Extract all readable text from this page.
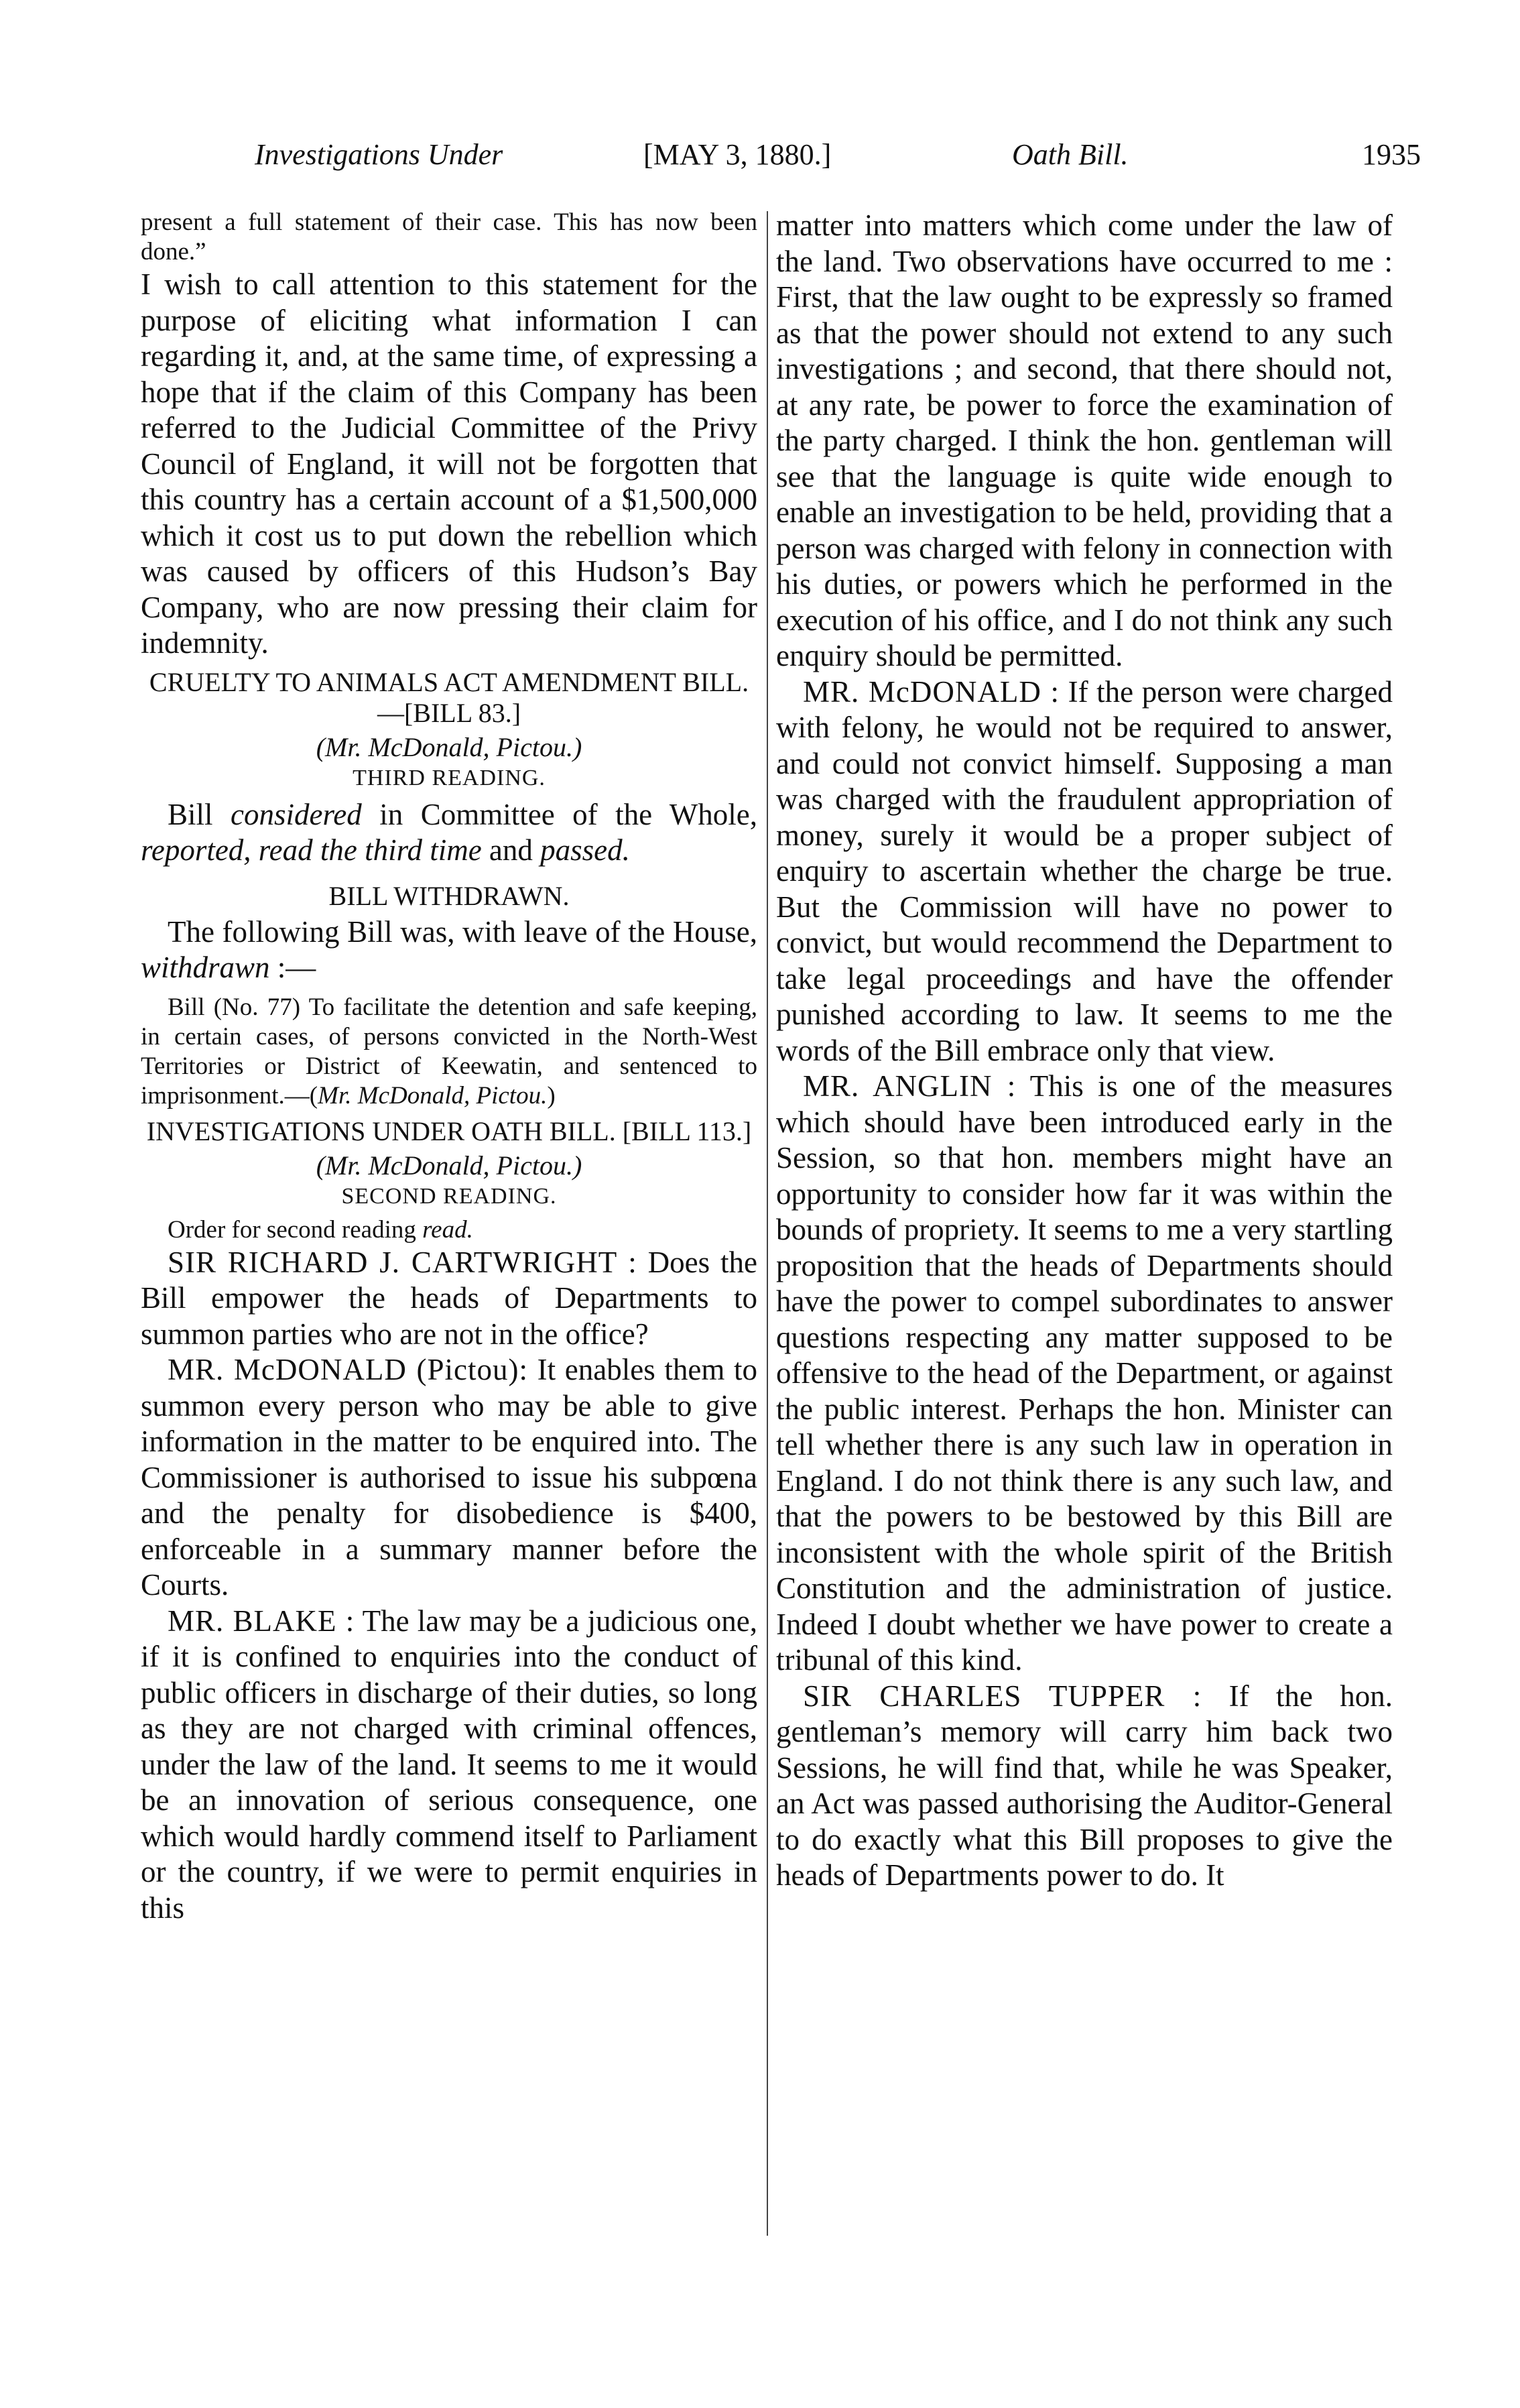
Investigations Under	[MAY 3, 1880.]	Oath Bill.	1935

present a full statement of their case. This has now been done.”

I wish to call attention to this statement for the purpose of eliciting what information I can regarding it, and, at the same time, of expressing a hope that if the claim of this Company has been referred to the Judicial Committee of the Privy Council of England, it will not be forgotten that this country has a certain account of a $1,500,000 which it cost us to put down the rebellion which was caused by officers of this Hudson’s Bay Company, who are now pressing their claim for indemnity.

CRUELTY TO ANIMALS ACT AMENDMENT BILL.—[BILL 83.]
(Mr. McDonald, Pictou.)
THIRD READING.

Bill considered in Committee of the Whole, reported, read the third time and passed.

BILL WITHDRAWN.

The following Bill was, with leave of the House, withdrawn :—

Bill (No. 77) To facilitate the detention and safe keeping, in certain cases, of persons convicted in the North-West Territories or District of Keewatin, and sentenced to imprisonment.—(Mr. McDonald, Pictou.)

INVESTIGATIONS UNDER OATH BILL. [BILL 113.]
(Mr. McDonald, Pictou.)
SECOND READING.

Order for second reading read.

SIR RICHARD J. CARTWRIGHT : Does the Bill empower the heads of Departments to summon parties who are not in the office?

MR. McDONALD (Pictou): It enables them to summon every person who may be able to give information in the matter to be enquired into. The Commissioner is authorised to issue his subpœna and the penalty for disobedience is $400, enforceable in a summary manner before the Courts.

MR. BLAKE : The law may be a judicious one, if it is confined to enquiries into the conduct of public officers in discharge of their duties, so long as they are not charged with criminal offences, under the law of the land. It seems to me it would be an innovation of serious consequence, one which would hardly commend itself to Parliament or the country, if we were to permit enquiries in this

matter into matters which come under the law of the land. Two observations have occurred to me : First, that the law ought to be expressly so framed as that the power should not extend to any such investigations ; and second, that there should not, at any rate, be power to force the examination of the party charged. I think the hon. gentleman will see that the language is quite wide enough to enable an investigation to be held, providing that a person was charged with felony in connection with his duties, or powers which he performed in the execution of his office, and I do not think any such enquiry should be permitted.

MR. McDONALD : If the person were charged with felony, he would not be required to answer, and could not convict himself. Supposing a man was charged with the fraudulent appropriation of money, surely it would be a proper subject of enquiry to ascertain whether the charge be true. But the Commission will have no power to convict, but would recommend the Department to take legal proceedings and have the offender punished according to law. It seems to me the words of the Bill embrace only that view.

MR. ANGLIN : This is one of the measures which should have been introduced early in the Session, so that hon. members might have an opportunity to consider how far it was within the bounds of propriety. It seems to me a very startling proposition that the heads of Departments should have the power to compel subordinates to answer questions respecting any matter supposed to be offensive to the head of the Department, or against the public interest. Perhaps the hon. Minister can tell whether there is any such law in operation in England. I do not think there is any such law, and that the powers to be bestowed by this Bill are inconsistent with the whole spirit of the British Constitution and the administration of justice. Indeed I doubt whether we have power to create a tribunal of this kind.

SIR CHARLES TUPPER : If the hon. gentleman’s memory will carry him back two Sessions, he will find that, while he was Speaker, an Act was passed authorising the Auditor-General to do exactly what this Bill proposes to give the heads of Departments power to do. It
